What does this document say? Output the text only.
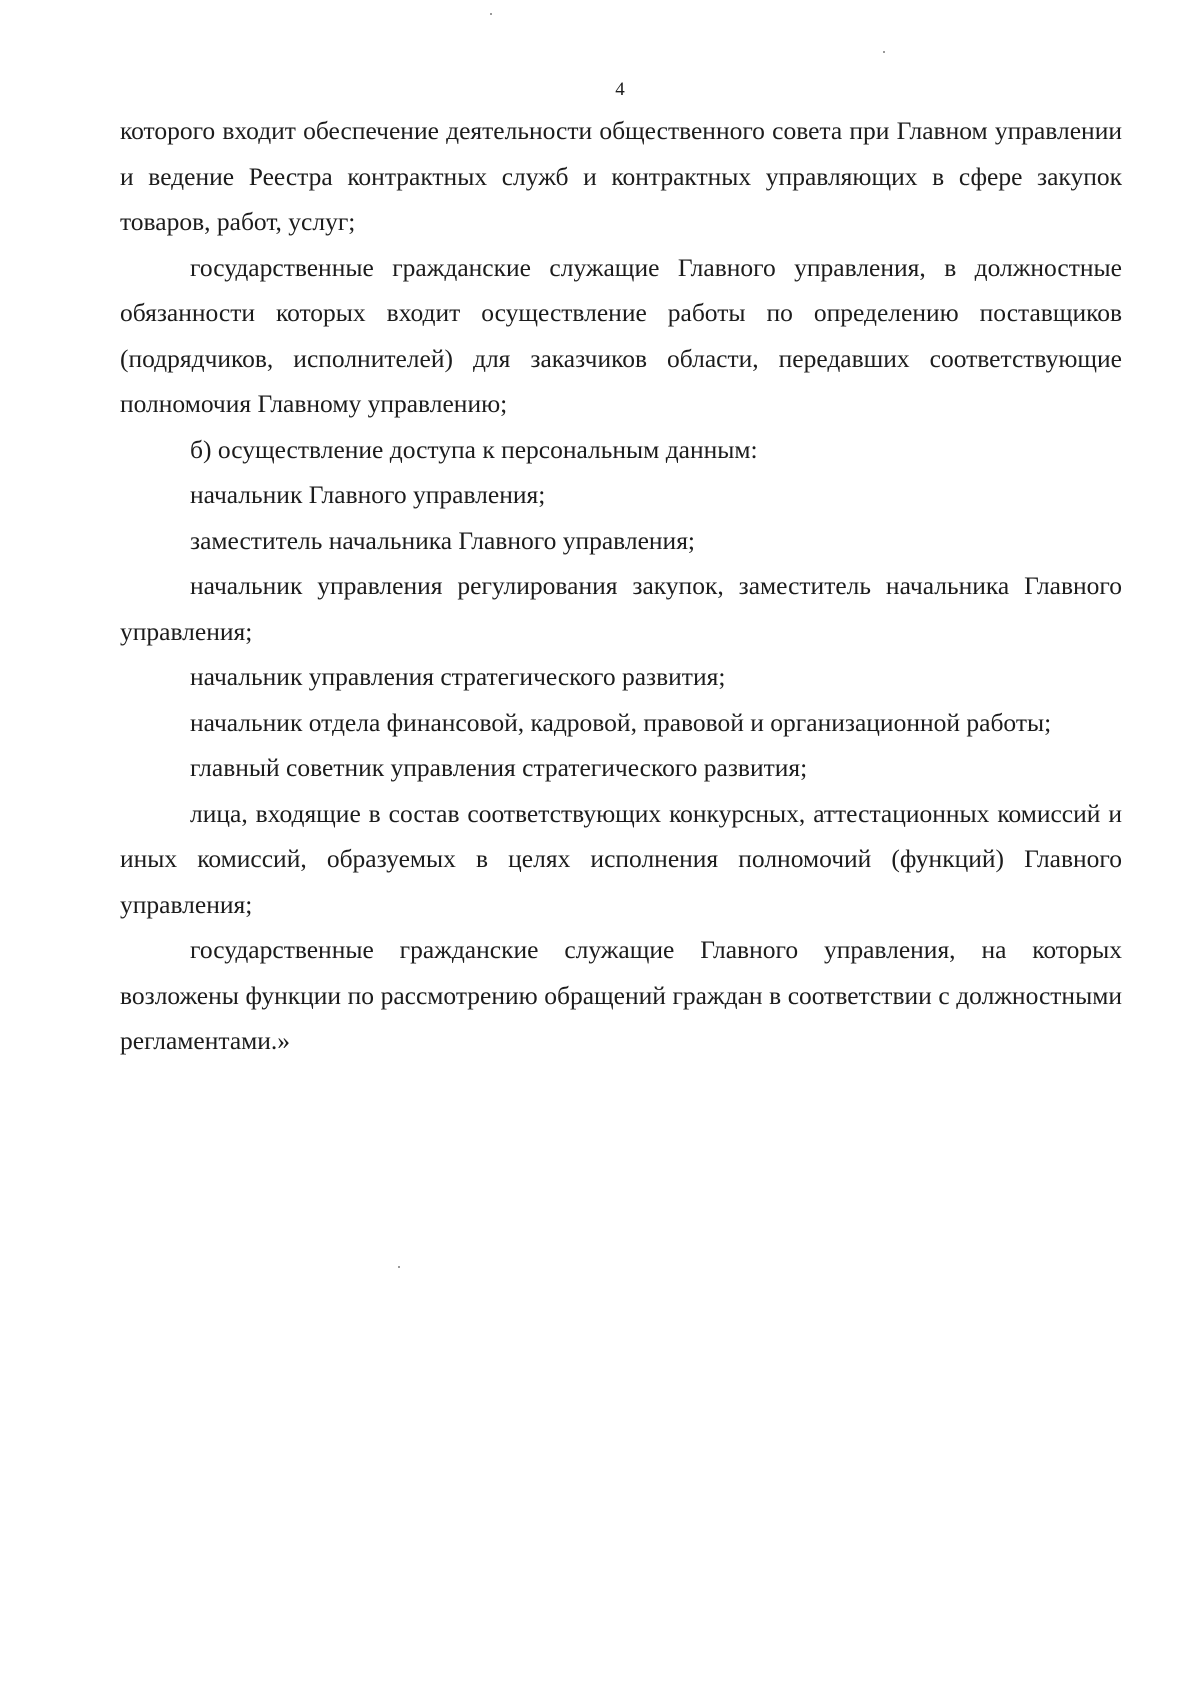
4

которого входит обеспечение деятельности общественного совета при Главном управлении и ведение Реестра контрактных служб и контрактных управляющих в сфере закупок товаров, работ, услуг;

государственные гражданские служащие Главного управления, в должностные обязанности которых входит осуществление работы по определению поставщиков (подрядчиков, исполнителей) для заказчиков области, передавших соответствующие полномочия Главному управлению;

б) осуществление доступа к персональным данным:

начальник Главного управления;

заместитель начальника Главного управления;

начальник управления регулирования закупок, заместитель начальника Главного управления;

начальник управления стратегического развития;

начальник отдела финансовой, кадровой, правовой и организационной работы;

главный советник управления стратегического развития;

лица, входящие в состав соответствующих конкурсных, аттестационных комиссий и иных комиссий, образуемых в целях исполнения полномочий (функций) Главного управления;

государственные гражданские служащие Главного управления, на которых возложены функции по рассмотрению обращений граждан в соответствии с должностными регламентами.»
